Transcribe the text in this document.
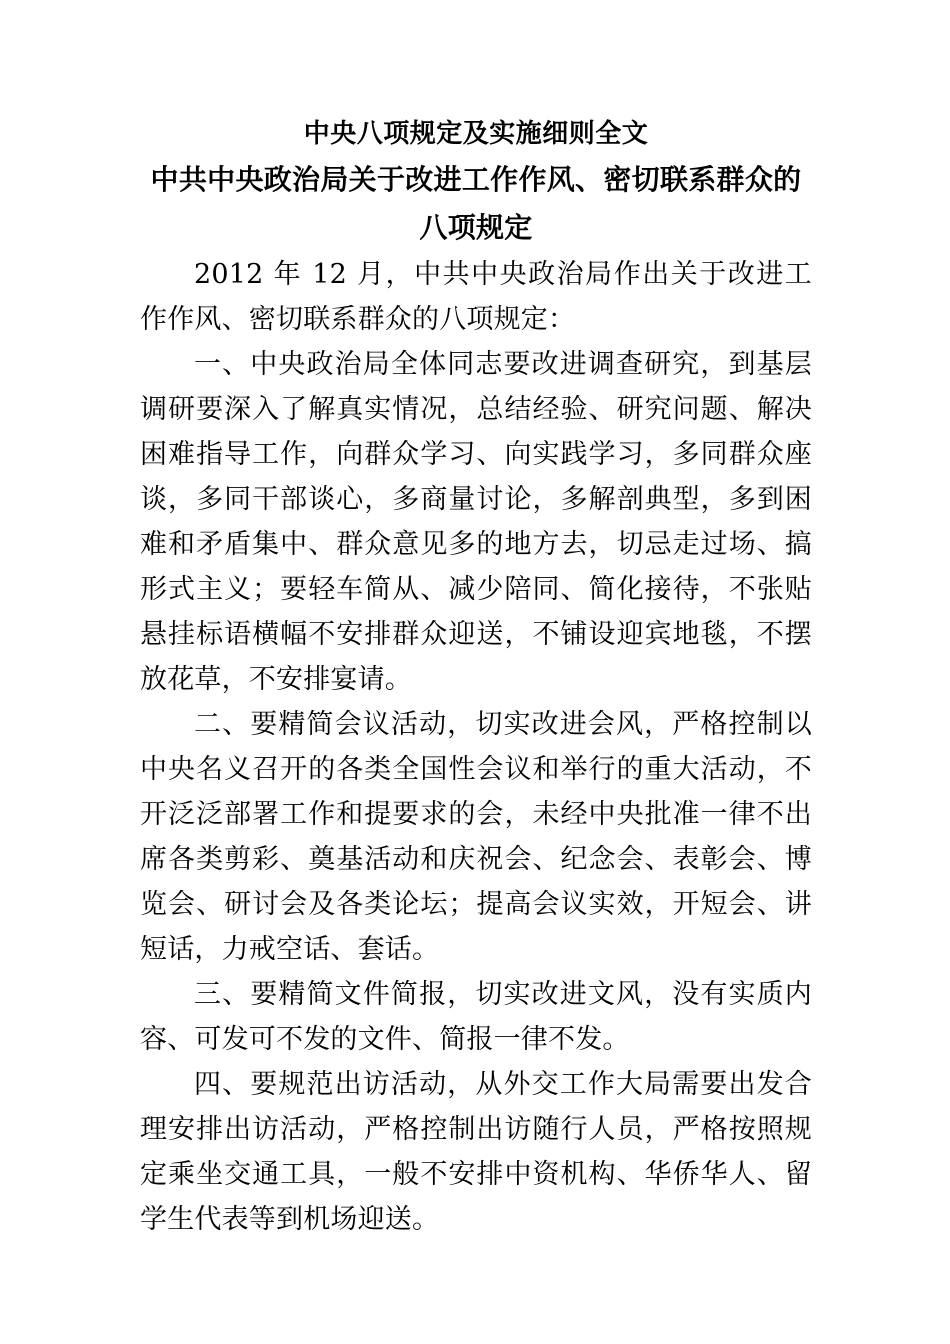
中央八项规定及实施细则全文
中共中央政治局关于改进工作作风、密切联系群众的八项规定

2012 年 12 月，中共中央政治局作出关于改进工作作风、密切联系群众的八项规定：

一、中央政治局全体同志要改进调查研究，到基层调研要深入了解真实情况，总结经验、研究问题、解决困难指导工作，向群众学习、向实践学习，多同群众座谈，多同干部谈心，多商量讨论，多解剖典型，多到困难和矛盾集中、群众意见多的地方去，切忌走过场、搞形式主义；要轻车简从、减少陪同、简化接待，不张贴悬挂标语横幅不安排群众迎送，不铺设迎宾地毯，不摆放花草，不安排宴请。

二、要精简会议活动，切实改进会风，严格控制以中央名义召开的各类全国性会议和举行的重大活动，不开泛泛部署工作和提要求的会，未经中央批准一律不出席各类剪彩、奠基活动和庆祝会、纪念会、表彰会、博览会、研讨会及各类论坛；提高会议实效，开短会、讲短话，力戒空话、套话。

三、要精简文件简报，切实改进文风，没有实质内容、可发可不发的文件、简报一律不发。

四、要规范出访活动，从外交工作大局需要出发合理安排出访活动，严格控制出访随行人员，严格按照规定乘坐交通工具，一般不安排中资机构、华侨华人、留学生代表等到机场迎送。
